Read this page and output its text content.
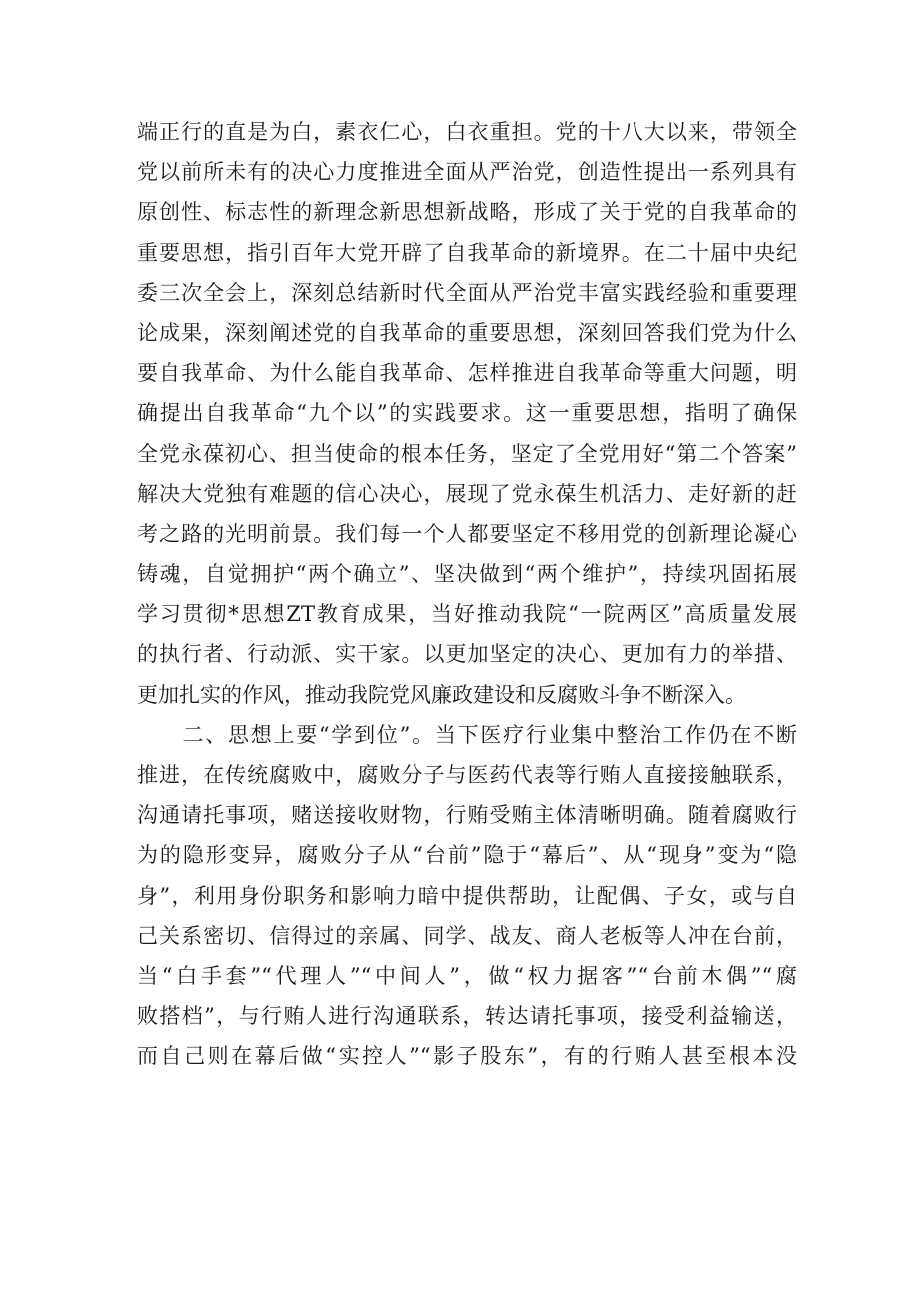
端正行的直是为白，素衣仁心，白衣重担。党的十八大以来，带领全
党以前所未有的决心力度推进全面从严治党，创造性提出一系列具有
原创性、标志性的新理念新思想新战略，形成了关于党的自我革命的
重要思想，指引百年大党开辟了自我革命的新境界。在二十届中央纪
委三次全会上，深刻总结新时代全面从严治党丰富实践经验和重要理
论成果，深刻阐述党的自我革命的重要思想，深刻回答我们党为什么
要自我革命、为什么能自我革命、怎样推进自我革命等重大问题，明
确提出自我革命“九个以”的实践要求。这一重要思想，指明了确保
全党永葆初心、担当使命的根本任务，坚定了全党用好“第二个答案”
解决大党独有难题的信心决心，展现了党永葆生机活力、走好新的赶
考之路的光明前景。我们每一个人都要坚定不移用党的创新理论凝心
铸魂，自觉拥护“两个确立”、坚决做到“两个维护”，持续巩固拓展
学习贯彻*思想ZT教育成果，当好推动我院“一院两区”高质量发展
的执行者、行动派、实干家。以更加坚定的决心、更加有力的举措、
更加扎实的作风，推动我院党风廉政建设和反腐败斗争不断深入。
　　二、思想上要“学到位”。当下医疗行业集中整治工作仍在不断
推进，在传统腐败中，腐败分子与医药代表等行贿人直接接触联系，
沟通请托事项，赌送接收财物，行贿受贿主体清晰明确。随着腐败行
为的隐形变异，腐败分子从“台前”隐于“幕后”、从“现身”变为“隐
身”，利用身份职务和影响力暗中提供帮助，让配偶、子女，或与自
己关系密切、信得过的亲属、同学、战友、商人老板等人冲在台前，
当“白手套”“代理人”“中间人”，做“权力据客”“台前木偶”“腐
败搭档”，与行贿人进行沟通联系，转达请托事项，接受利益输送，
而自己则在幕后做“实控人”“影子股东”，有的行贿人甚至根本没
